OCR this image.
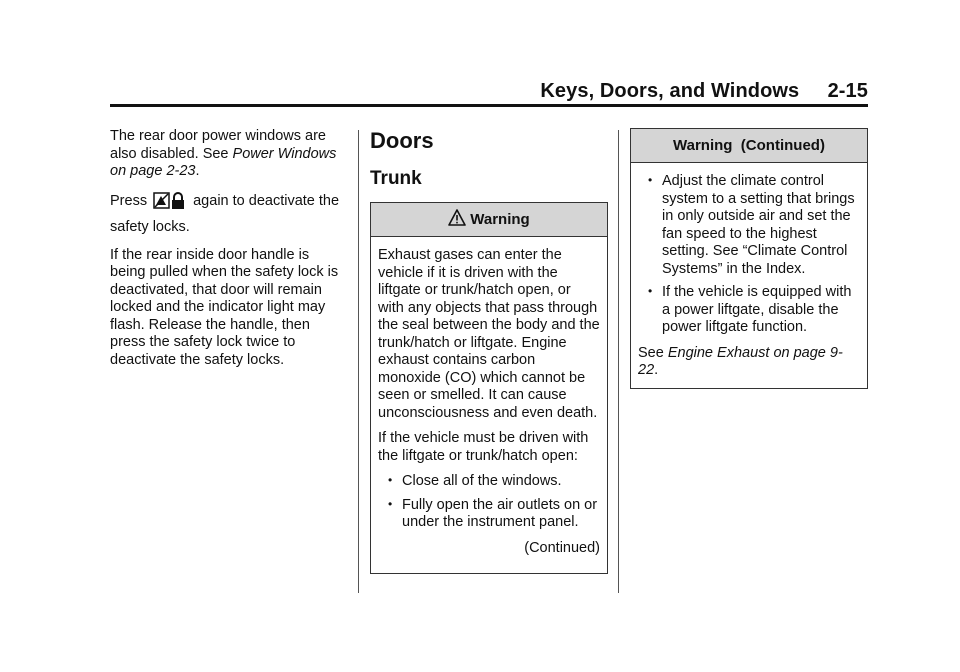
Keys, Doors, and Windows     2-15

The rear door power windows are also disabled. See Power Windows on page 2-23.

Press	again to deactivate the safety locks.

If the rear inside door handle is being pulled when the safety lock is deactivated, that door will remain locked and the indicator light may flash. Release the handle, then press the safety lock twice to deactivate the safety locks.

Doors
Trunk
Warning

Exhaust gases can enter the vehicle if it is driven with the liftgate or trunk/hatch open, or with any objects that pass through the seal between the body and the trunk/hatch or liftgate. Engine exhaust contains carbon monoxide (CO) which cannot be seen or smelled. It can cause unconsciousness and even death.

If the vehicle must be driven with the liftgate or trunk/hatch open:

• Close all of the windows.
• Fully open the air outlets on or under the instrument panel.

(Continued)

Warning  (Continued)
• Adjust the climate control system to a setting that brings in only outside air and set the fan speed to the highest setting. See “Climate Control Systems” in the Index.
• If the vehicle is equipped with a power liftgate, disable the power liftgate function.

See Engine Exhaust on page 9-22.
